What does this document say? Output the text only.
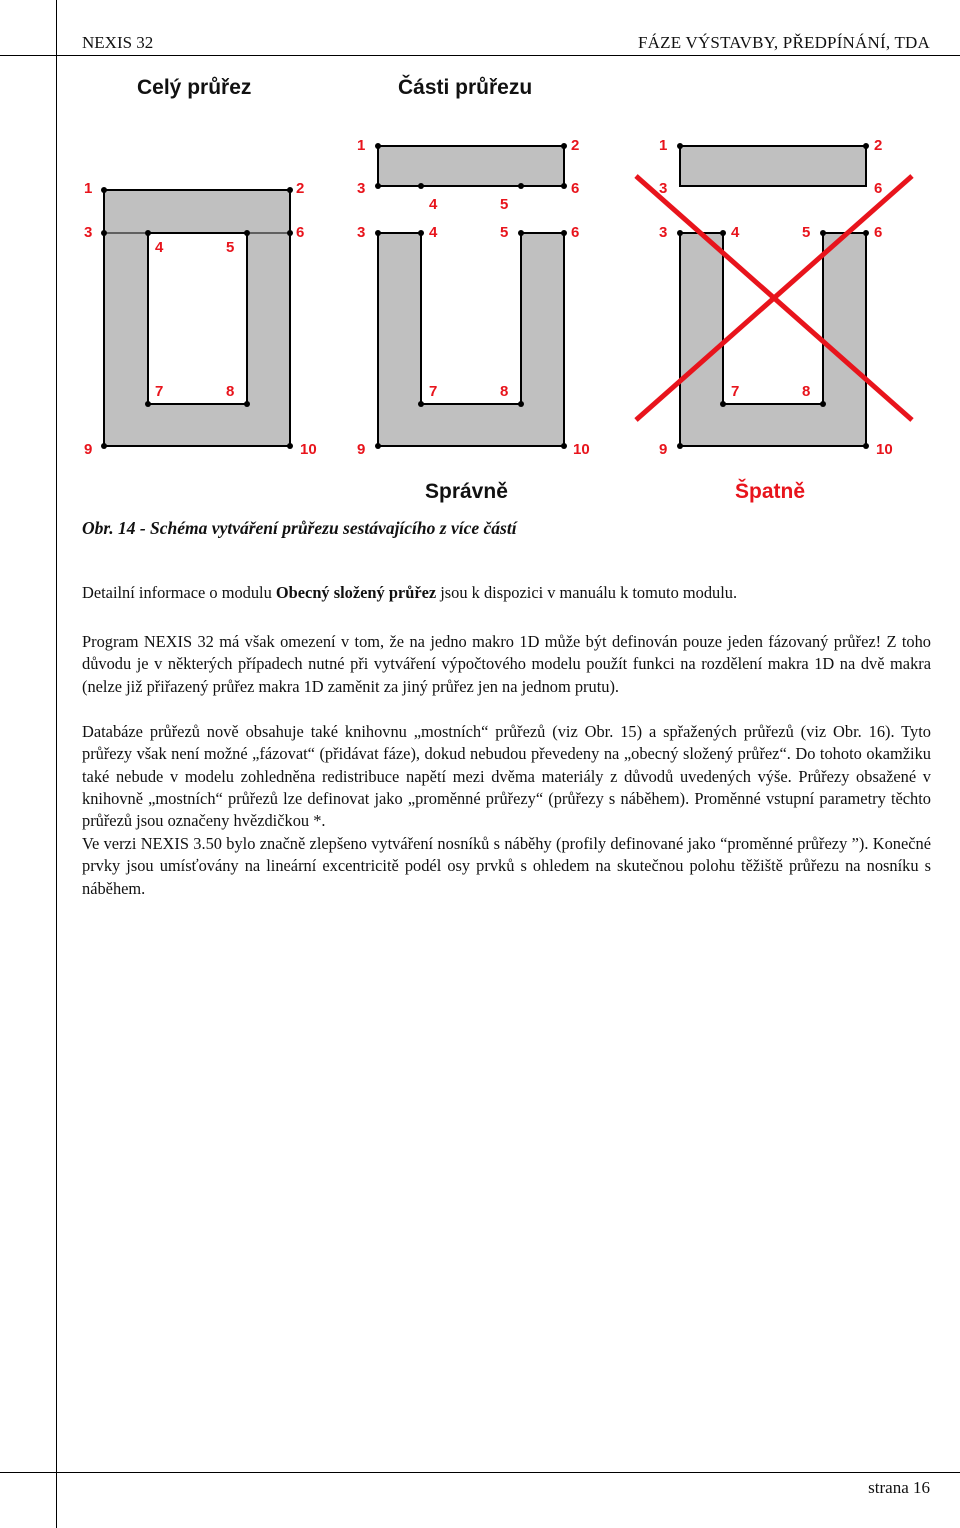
NEXIS 32	FÁZE VÝSTAVBY, PŘEDPÍNÁNÍ, TDA
Celý průřez	Části průřezu
Správně	Špatně
1	2
3
4	5
6
7	8
9	10
1	2
3	6
4	5
3	4	5	6
7	8
9	10
1	2
3	6
3	4	5	6
7	8
9	10
Obr. 14 - Schéma vytváření průřezu sestávajícího z více částí
Detailní informace o modulu Obecný složený průřez jsou k dispozici v manuálu k tomuto modulu.
Program NEXIS 32 má však omezení v tom, že na jedno makro 1D může být definován pouze jeden fázovaný průřez! Z toho důvodu je v některých případech nutné při vytváření výpočtového modelu použít funkci na rozdělení makra 1D na dvě makra (nelze již přiřazený průřez makra 1D zaměnit za jiný průřez jen na jednom prutu).
Databáze průřezů nově obsahuje také knihovnu „mostních“ průřezů (viz Obr. 15) a spřažených průřezů (viz Obr. 16). Tyto průřezy však není možné „fázovat“ (přidávat fáze), dokud nebudou převedeny na „obecný složený průřez“. Do tohoto okamžiku také nebude v modelu zohledněna redistribuce napětí mezi dvěma materiály z důvodů uvedených výše. Průřezy obsažené v knihovně „mostních“ průřezů lze definovat jako „proměnné průřezy“ (průřezy s náběhem). Proměnné vstupní parametry těchto průřezů jsou označeny hvězdičkou *.
Ve verzi NEXIS 3.50 bylo značně zlepšeno vytváření nosníků s náběhy (profily definované jako “proměnné průřezy ”). Konečné prvky jsou umísťovány na lineární excentricitě podél osy prvků s ohledem na skutečnou polohu těžiště průřezu na nosníku s náběhem.
strana 16
